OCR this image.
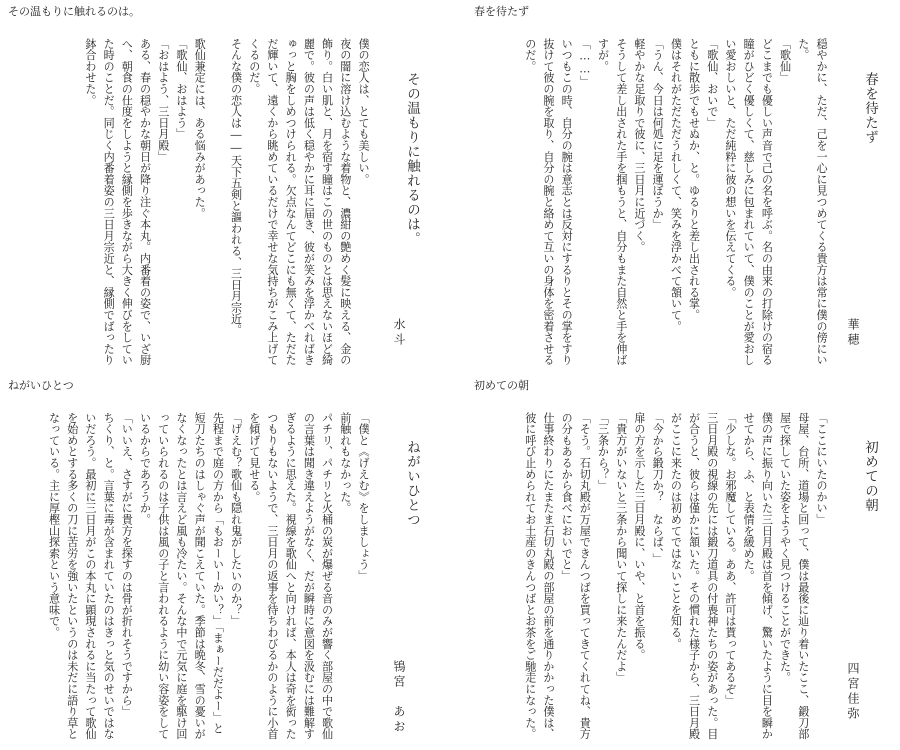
その温もりに触れるのは。
その温もりに触れるのは。
水斗

僕の恋人は、とても美しい。

夜の闇に溶け込むような着物と、濃紺の艶めく髪に映える、金の飾り。白い肌と、月を宿す瞳はこの世のものとは思えないほど綺麗で。彼の声は低く穏やかに耳に届き、彼が笑みを浮かべればきゅっと胸をしめつけられる。欠点なんてどこにも無くて、ただただ輝いて、遠くから眺めているだけで幸せな気持ちがこみ上げてくるのだ。

そんな僕の恋人は――天下五剣と謳われる、三日月宗近。

歌仙兼定には、ある悩みがあった。

「歌仙、おはよう」

「おはよう、三日月殿」

ある、春の穏やかな朝日が降り注ぐ本丸。内番着の姿で、いざ厨へ、朝食の仕度をしようと縁側を歩きながら大きく伸びをしていた時のことだ。同じく内番着姿の三日月宗近と、縁側でばったり鉢合わせた。

春を待たず
春を待たず
華穂

穏やかに、ただ、己を一心に見つめてくる貴方は常に僕の傍にいた。

「歌仙」

どこまでも優しい声音で己の名を呼ぶ。名の由来の打除けの宿る瞳がひどく優しくて、慈しみに包まれていて、僕のことが愛おしい愛おしいと、ただ純粋に彼の想いを伝えてくる。

「歌仙、おいで」

ともに散歩でもせぬか、と。ゆるりと差し出される掌。

僕はそれがただただうれしくて、笑みを浮かべて頷いて。

「うん、今日は何処に足を運ぼうか」

軽やかな足取りで彼に、三日月に近づく。

そうして差し出された手を掴もうと、自分もまた自然と手を伸ばすが。

「……」

いつもこの時、自分の腕は意志とは反対にするりとその掌をすり抜けて彼の腕を取り、自分の腕と絡めて互いの身体を密着させるのだ。

ねがいひとつ
ねがいひとつ
鴇宮　あお

「僕と《げえむ》をしましょう」

前触れもなかった。

パチリ、パチリと火桶の炭が爆ぜる音のみが響く部屋の中で歌仙の言葉は聞き違えようがなく、だが瞬時に意図を汲むには難解すぎるように思えた。視線を歌仙へと向ければ、本人は奇を衒ったつもりもないようで、三日月の返事を待ちわびるかのように小首を傾げて見せる。

「げえむ？歌仙も隠れ鬼がしたいのか？」

先程まで庭の方から「もおーいーかい？」「まぁーだだよー」と短刀たちのはしゃぐ声が聞こえていた。季節は晩冬、雪の憂いがなくなったとは言えど風も冷たい。そんな中で元気に庭を駆け回っていられるのは子供は風の子と言われるように幼い容姿をしているからであろうか。

「いいえ、さすがに貴方を探すのは骨が折れそうですから」

ちくり、と。言葉に毒が含まれていたのはきっと気のせいではないだろう。最初に三日月がこの本丸に顕現されるに当たって歌仙を始めとする多くの刀に苦労を強いたというのは未だに語り草となっている。主に厚樫山探索という意味で。

初めての朝
初めての朝
四宮佳弥

「ここにいたのかい」

母屋、台所、道場と回って、僕は最後に辿り着いたここ、鍛刀部屋で探していた姿をようやく見つけることができた。

僕の声に振り向いた三日月殿は首を傾げ、驚いたように目を瞬かせてから、ふ、と表情を緩めた。

「少しな。お邪魔している。ああ、許可は貰ってあるぞ」

三日月殿の視線の先には鍛刀道具の付喪神たちの姿があった。目が合うと、彼らは僅かに頷いた。その慣れた様子から、三日月殿がここに来たのは初めてではないことを知る。

「今から鍛刀か？　ならば、」

扉の方を示した三日月殿に、いや、と首を振る。

「貴方がいないと三条から聞いて探しに来たんだよ」

「三条から？」

「そう。石切丸殿が万屋できんつばを買ってきてくれてね、貴方の分もあるから食べにおいでと」

仕事終わりにたまたま石切丸殿の部屋の前を通りかかった僕は、彼に呼び止められてお土産のきんつばとお茶をご馳走になった。
